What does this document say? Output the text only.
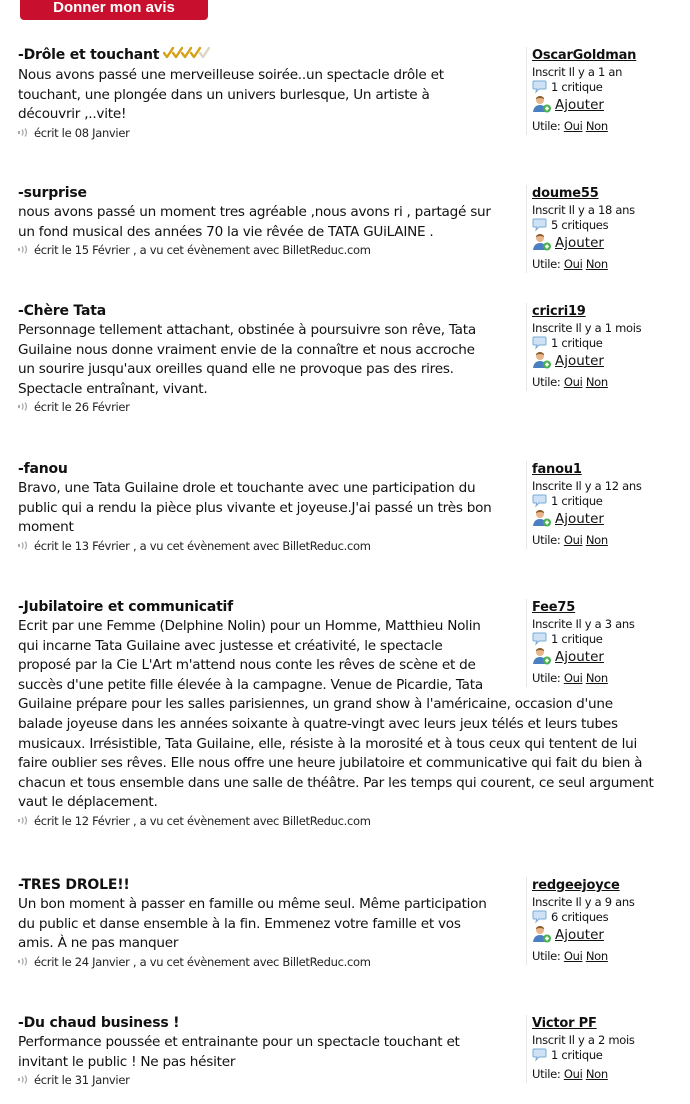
Donner mon avis
-Drôle et touchant
Nous avons passé une merveilleuse soirée..un spectacle drôle et
touchant, une plongée dans un univers burlesque, Un artiste à
découvrir ,..vite!
écrit le 08 Janvier
OscarGoldman
Inscrit Il y a 1 an
1 critique
Ajouter
Utile: Oui Non
-surprise
nous avons passé un moment tres agréable ,nous avons ri , partagé sur
un fond musical des années 70 la vie rêvée de TATA GUiLAINE .
écrit le 15 Février , a vu cet évènement avec BilletReduc.com
doume55
Inscrit Il y a 18 ans
5 critiques
Ajouter
Utile: Oui Non
-Chère Tata
Personnage tellement attachant, obstinée à poursuivre son rêve, Tata
Guilaine nous donne vraiment envie de la connaître et nous accroche
un sourire jusqu'aux oreilles quand elle ne provoque pas des rires.
Spectacle entraînant, vivant.
écrit le 26 Février
cricri19
Inscrite Il y a 1 mois
1 critique
Ajouter
Utile: Oui Non
-fanou
Bravo, une Tata Guilaine drole et touchante avec une participation du
public qui a rendu la pièce plus vivante et joyeuse.J'ai passé un très bon
moment
écrit le 13 Février , a vu cet évènement avec BilletReduc.com
fanou1
Inscrite Il y a 12 ans
1 critique
Ajouter
Utile: Oui Non
-Jubilatoire et communicatif
Ecrit par une Femme (Delphine Nolin) pour un Homme, Matthieu Nolin
qui incarne Tata Guilaine avec justesse et créativité, le spectacle
proposé par la Cie L'Art m'attend nous conte les rêves de scène et de
succès d'une petite fille élevée à la campagne. Venue de Picardie, Tata
Guilaine prépare pour les salles parisiennes, un grand show à l'américaine, occasion d'une
balade joyeuse dans les années soixante à quatre-vingt avec leurs jeux télés et leurs tubes
musicaux. Irrésistible, Tata Guilaine, elle, résiste à la morosité et à tous ceux qui tentent de lui
faire oublier ses rêves. Elle nous offre une heure jubilatoire et communicative qui fait du bien à
chacun et tous ensemble dans une salle de théâtre. Par les temps qui courent, ce seul argument
vaut le déplacement.
écrit le 12 Février , a vu cet évènement avec BilletReduc.com
Fee75
Inscrite Il y a 3 ans
1 critique
Ajouter
Utile: Oui Non
-TRES DROLE!!
Un bon moment à passer en famille ou même seul. Même participation
du public et danse ensemble à la fin. Emmenez votre famille et vos
amis. À ne pas manquer
écrit le 24 Janvier , a vu cet évènement avec BilletReduc.com
redgeejoyce
Inscrite Il y a 9 ans
6 critiques
Ajouter
Utile: Oui Non
-Du chaud business !
Performance poussée et entrainante pour un spectacle touchant et
invitant le public ! Ne pas hésiter
écrit le 31 Janvier
Victor PF
Inscrit Il y a 2 mois
1 critique
Utile: Oui Non
